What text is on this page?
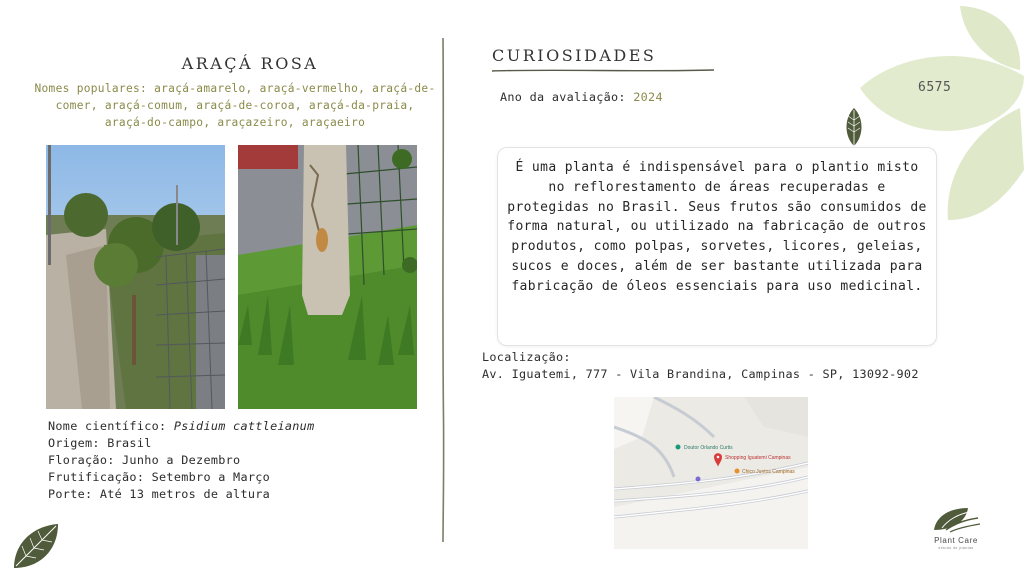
ARAÇÁ ROSA
Nomes populares: araçá-amarelo, araçá-vermelho, araçá-de-comer, araçá-comum, araçá-de-coroa, araçá-da-praia, araçá-do-campo, araçazeiro, araçaeiro
Nome científico: Psidium cattleianum
Origem: Brasil
Floração: Junho a Dezembro
Frutificação: Setembro a Março
Porte: Até 13 metros de altura
CURIOSIDADES
Ano da avaliação: 2024
6575
É uma planta é indispensável para o plantio misto no reflorestamento de áreas recuperadas e protegidas no Brasil. Seus frutos são consumidos de forma natural, ou utilizado na fabricação de outros produtos, como polpas, sorvetes, licores, geleias, sucos e doces, além de ser bastante utilizada para fabricação de óleos essenciais para uso medicinal.
Localização:
Av. Iguatemi, 777 - Vila Brandina, Campinas - SP, 13092-902
Doutor Orlando Curtis
Shopping Iguatemi Campinas
Chico Juntos Campinas
Plant Care
estudo de plantas
